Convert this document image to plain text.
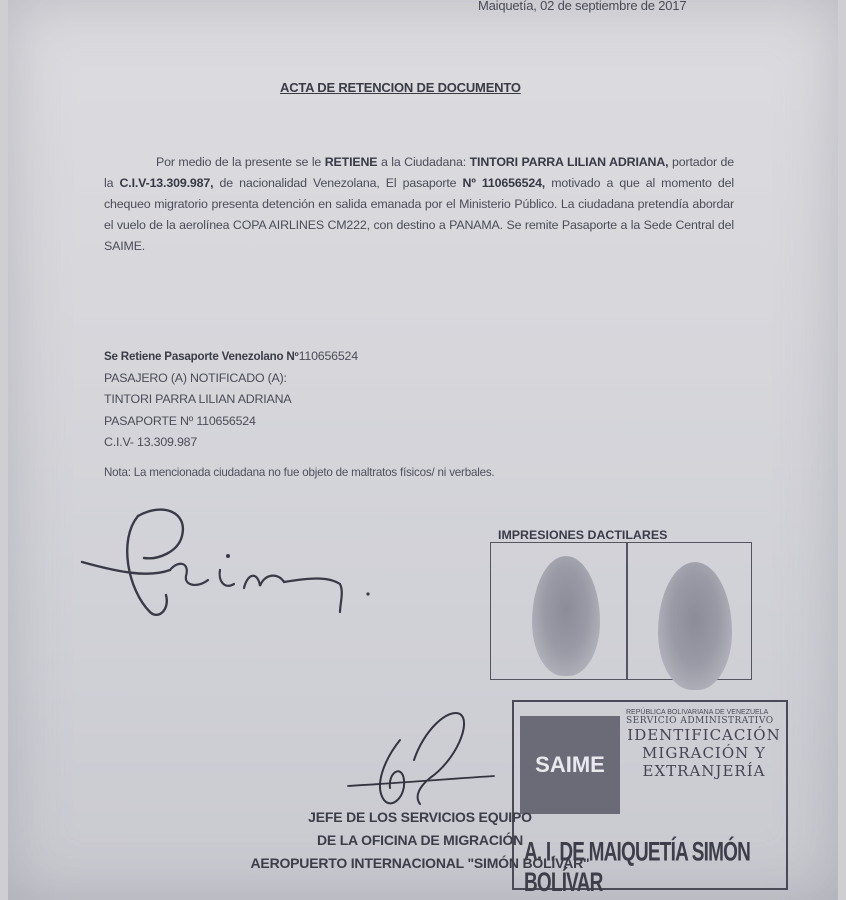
Maiquetía, 02 de septiembre de 2017
ACTA DE RETENCION DE DOCUMENTO
Por medio de la presente se le RETIENE a la Ciudadana: TINTORI PARRA LILIAN ADRIANA, portador de la C.I.V-13.309.987, de nacionalidad Venezolana, El pasaporte Nº 110656524, motivado a que al momento del chequeo migratorio presenta detención en salida emanada por el Ministerio Público. La ciudadana pretendía abordar el vuelo de la aerolínea COPA AIRLINES CM222, con destino a PANAMA. Se remite Pasaporte a la Sede Central del SAIME.
Se Retiene Pasaporte Venezolano Nº110656524
PASAJERO (A) NOTIFICADO (A):
TINTORI PARRA LILIAN ADRIANA
PASAPORTE Nº 110656524
C.I.V- 13.309.987
Nota: La mencionada ciudadana no fue objeto de maltratos físicos/ ni verbales.
IMPRESIONES DACTILARES
SAIME
REPÚBLICA BOLIVARIANA DE VENEZUELA
SERVICIO ADMINISTRATIVO
IDENTIFICACIÓN
MIGRACIÓN Y
EXTRANJERÍA
A. I. DE MAIQUETÍA SIMÓN BOLÍVAR
JEFE DE LOS SERVICIOS EQUIPO
DE LA OFICINA DE MIGRACIÓN
AEROPUERTO INTERNACIONAL "SIMÓN BOLÍVAR"
